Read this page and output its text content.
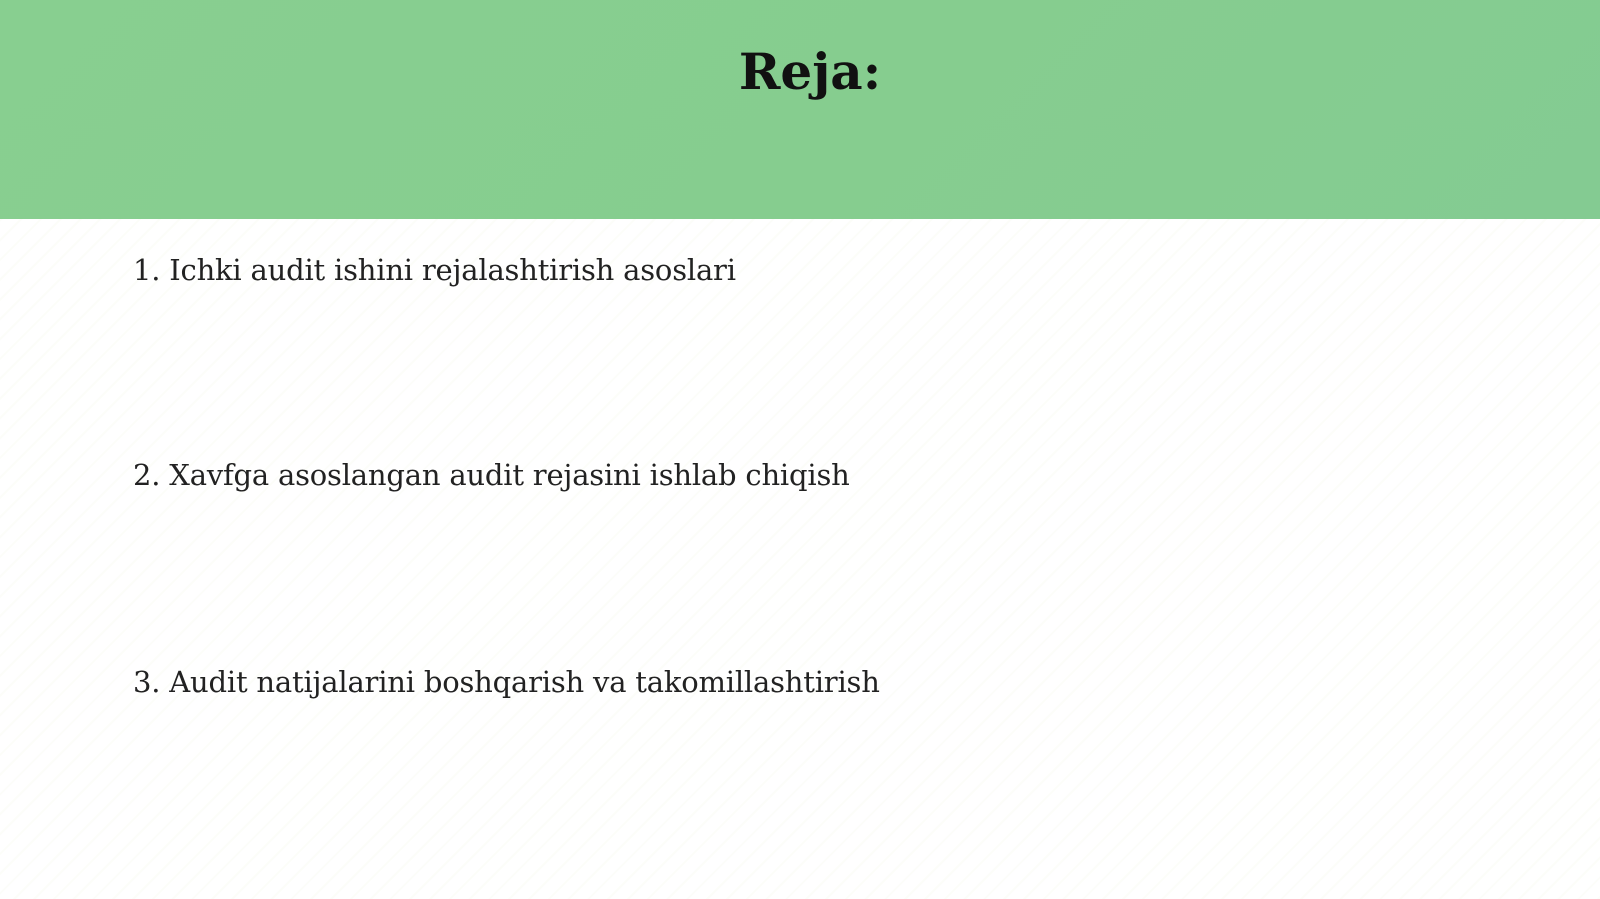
Reja:

1. Ichki audit ishini rejalashtirish asoslari

2. Xavfga asoslangan audit rejasini ishlab chiqish

3. Audit natijalarini boshqarish va takomillashtirish
